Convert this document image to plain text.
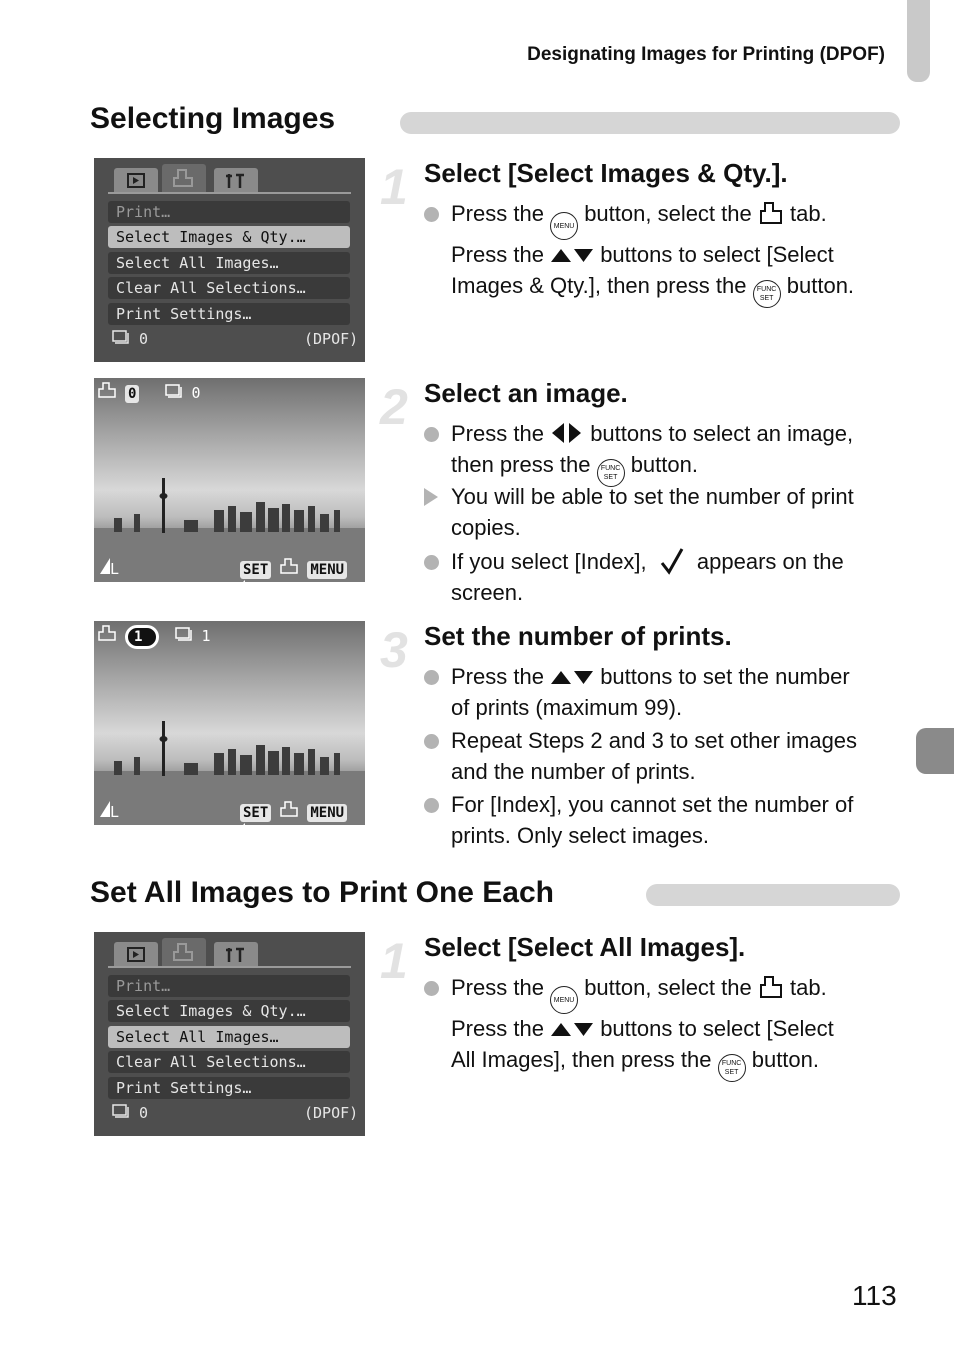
Designating Images for Printing (DPOF)
Selecting Images
Print…
Select Images & Qty.…
Select All Images…
Clear All Selections…
Print Settings…
0	(DPOF)
1 Select [Select Images & Qty.].
Press the MENU button, select the tab.
Press the	buttons to select [Select
Images & Qty.], then press the FUNC
SET button.
0	0
L	SET	MENU
2 Select an image.
Press the buttons to select an image,
then press the FUNC
SET button.
You will be able to set the number of print
copies.
If you select [Index], appears on the
screen.
1	1
L	SET	MENU
3 Set the number of prints.
Press the	buttons to set the number
of prints (maximum 99).
Repeat Steps 2 and 3 to set other images
and the number of prints.
For [Index], you cannot set the number of
prints. Only select images.
Set All Images to Print One Each
Print…
Select Images & Qty.…
Select All Images…
Clear All Selections…
Print Settings…
0	(DPOF)
1 Select [Select All Images].
Press the MENU button, select the tab.
Press the	buttons to select [Select
All Images], then press the FUNC
SET button.
113
